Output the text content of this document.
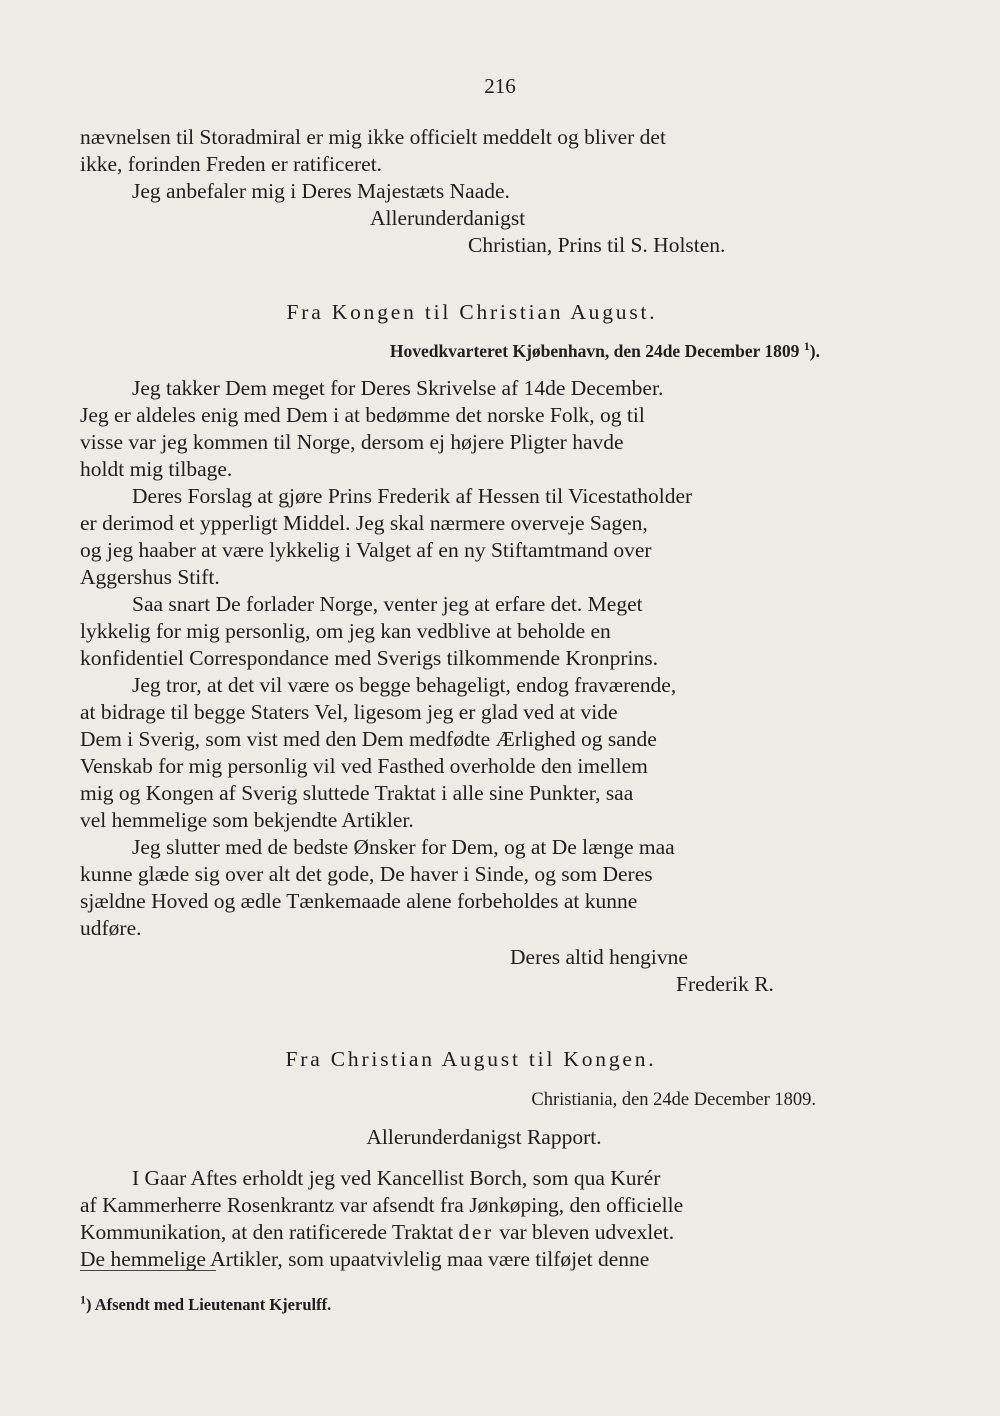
216
nævnelsen til Storadmiral er mig ikke officielt meddelt og bliver det
ikke, forinden Freden er ratificeret.
Jeg anbefaler mig i Deres Majestæts Naade.
Allerunderdanigst
Christian, Prins til S. Holsten.
Fra Kongen til Christian August.
Hovedkvarteret Kjøbenhavn, den 24de December 1809 $^1$).
Jeg takker Dem meget for Deres Skrivelse af 14de December.
Jeg er aldeles enig med Dem i at bedømme det norske Folk, og til
visse var jeg kommen til Norge, dersom ej højere Pligter havde
holdt mig tilbage.
Deres Forslag at gjøre Prins Frederik af Hessen til Vicestatholder
er derimod et ypperligt Middel. Jeg skal nærmere overveje Sagen,
og jeg haaber at være lykkelig i Valget af en ny Stiftamtmand over
Aggershus Stift.
Saa snart De forlader Norge, venter jeg at erfare det. Meget
lykkelig for mig personlig, om jeg kan vedblive at beholde en
konfidentiel Correspondance med Sverigs tilkommende Kronprins.
Jeg tror, at det vil være os begge behageligt, endog fraværende,
at bidrage til begge Staters Vel, ligesom jeg er glad ved at vide
Dem i Sverig, som vist med den Dem medfødte Ærlighed og sande
Venskab for mig personlig vil ved Fasthed overholde den imellem
mig og Kongen af Sverig sluttede Traktat i alle sine Punkter, saa
vel hemmelige som bekjendte Artikler.
Jeg slutter med de bedste Ønsker for Dem, og at De længe maa
kunne glæde sig over alt det gode, De haver i Sinde, og som Deres
sjældne Hoved og ædle Tænkemaade alene forbeholdes at kunne
udføre.
Deres altid hengivne
Frederik R.
Fra Christian August til Kongen.
Christiania, den 24de December 1809.
Allerunderdanigst Rapport.
I Gaar Aftes erholdt jeg ved Kancellist Borch, som qua Kurér
af Kammerherre Rosenkrantz var afsendt fra Jønkøping, den officielle
Kommunikation, at den ratificerede Traktat der var bleven udvexlet.
De hemmelige Artikler, som upaatvivlelig maa være tilføjet denne
$^1$) Afsendt med Lieutenant Kjerulff.
